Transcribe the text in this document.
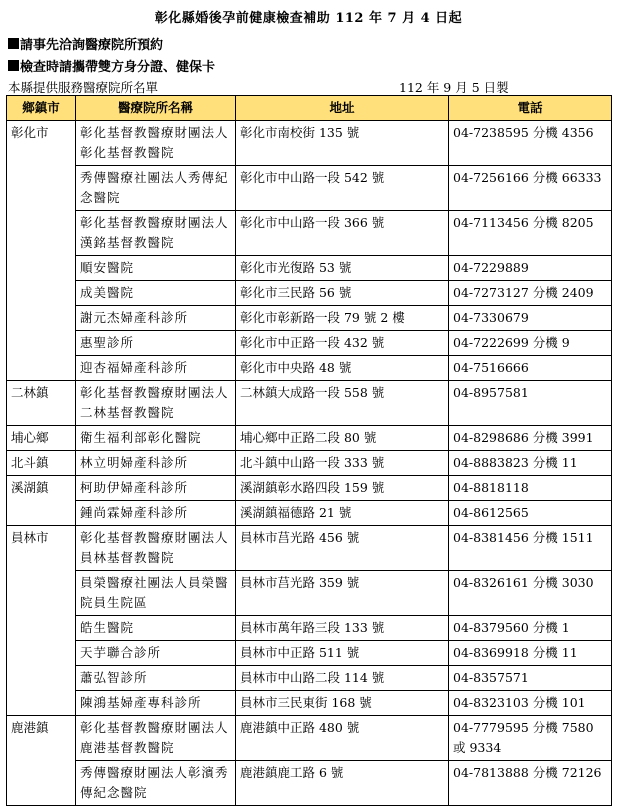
彰化縣婚後孕前健康檢查補助 112 年 7 月 4 日起
請事先洽詢醫療院所預約
檢查時請攜帶雙方身分證、健保卡
本縣提供服務醫療院所名單	112 年 9 月 5 日製
鄉鎮市	醫療院所名稱	地址	電話
彰化市	彰化基督教醫療財團法人彰化基督教醫院	彰化市南校街 135 號	04-7238595 分機 4356
	秀傳醫療社團法人秀傳紀念醫院	彰化市中山路一段 542 號	04-7256166 分機 66333
	彰化基督教醫療財團法人漢銘基督教醫院	彰化市中山路一段 366 號	04-7113456 分機 8205
	順安醫院	彰化市光復路 53 號	04-7229889
	成美醫院	彰化市三民路 56 號	04-7273127 分機 2409
	謝元杰婦產科診所	彰化市彰新路一段 79 號 2 樓	04-7330679
	惠聖診所	彰化市中正路一段 432 號	04-7222699 分機 9
	迎杏福婦產科診所	彰化市中央路 48 號	04-7516666
二林鎮	彰化基督教醫療財團法人二林基督教醫院	二林鎮大成路一段 558 號	04-8957581
埔心鄉	衛生福利部彰化醫院	埔心鄉中正路二段 80 號	04-8298686 分機 3991
北斗鎮	林立明婦產科診所	北斗鎮中山路一段 333 號	04-8883823 分機 11
溪湖鎮	柯助伊婦產科診所	溪湖鎮彰水路四段 159 號	04-8818118
	鍾尚霖婦產科診所	溪湖鎮福德路 21 號	04-8612565
員林市	彰化基督教醫療財團法人員林基督教醫院	員林市莒光路 456 號	04-8381456 分機 1511
	員榮醫療社團法人員榮醫院員生院區	員林市莒光路 359 號	04-8326161 分機 3030
	皓生醫院	員林市萬年路三段 133 號	04-8379560 分機 1
	天芋聯合診所	員林市中正路 511 號	04-8369918 分機 11
	蕭弘智診所	員林市中山路二段 114 號	04-8357571
	陳鴻基婦產專科診所	員林市三民東街 168 號	04-8323103 分機 101
鹿港鎮	彰化基督教醫療財團法人鹿港基督教醫院	鹿港鎮中正路 480 號	04-7779595 分機 7580 或 9334
	秀傳醫療財團法人彰濱秀傳紀念醫院	鹿港鎮鹿工路 6 號	04-7813888 分機 72126
